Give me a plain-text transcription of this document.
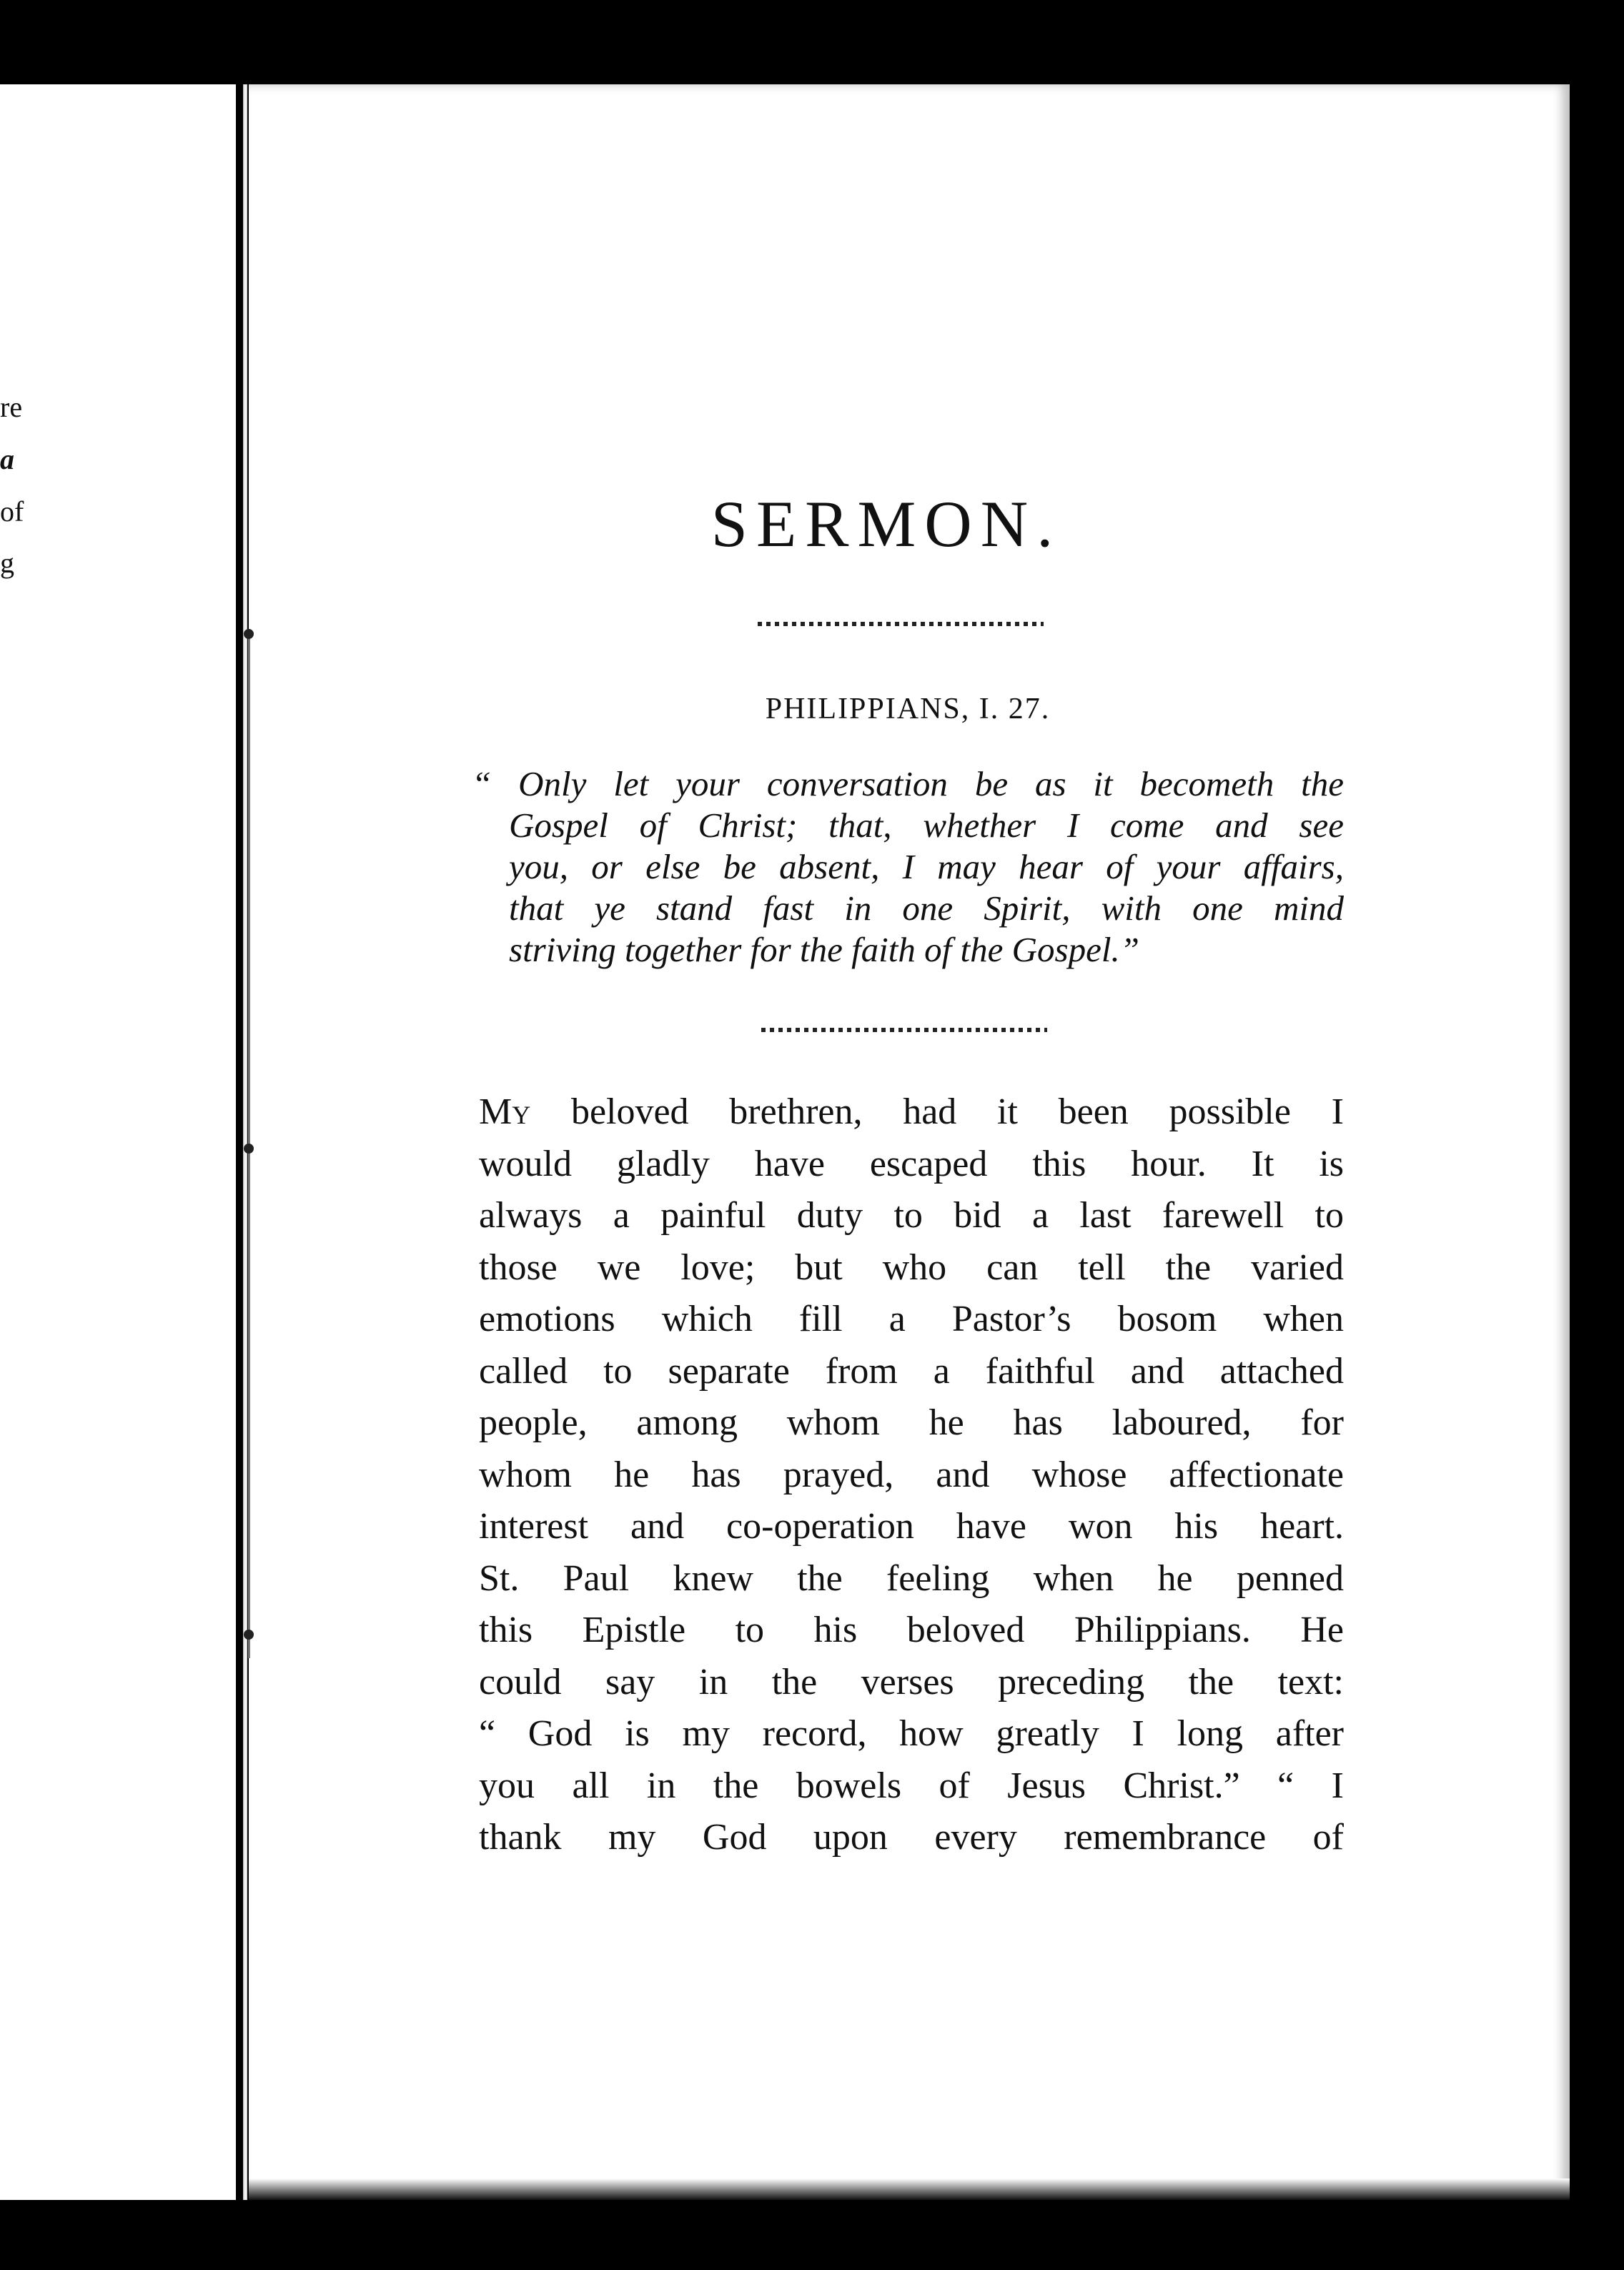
re
a
of
g
SERMON.
PHILIPPIANS, I. 27.
“ Only let your conversation be as it becometh the
Gospel of Christ; that, whether I come and see
you, or else be absent, I may hear of your affairs,
that ye stand fast in one Spirit, with one mind
striving together for the faith of the Gospel.”
My beloved brethren, had it been possible I
would gladly have escaped this hour. It is
always a painful duty to bid a last farewell to
those we love; but who can tell the varied
emotions which fill a Pastor’s bosom when
called to separate from a faithful and attached
people, among whom he has laboured, for
whom he has prayed, and whose affectionate
interest and co-operation have won his heart.
St. Paul knew the feeling when he penned
this Epistle to his beloved Philippians. He
could say in the verses preceding the text:
“ God is my record, how greatly I long after
you all in the bowels of Jesus Christ.” “ I
thank my God upon every remembrance of
